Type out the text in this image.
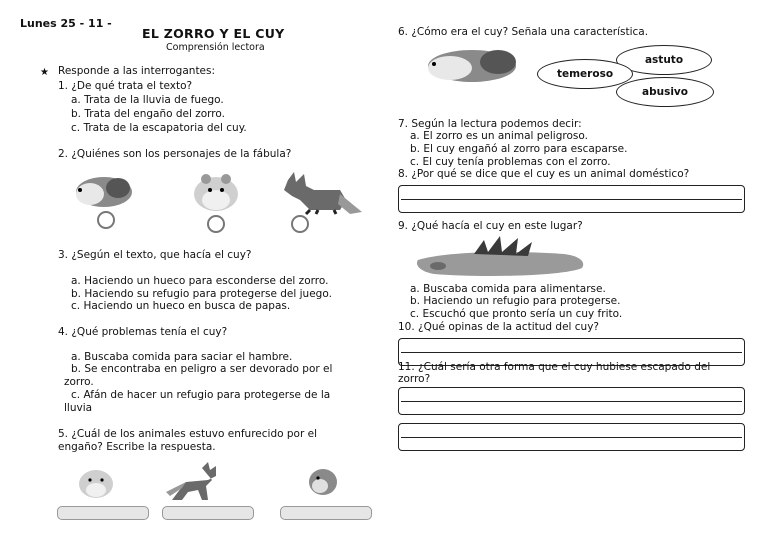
Lunes 25 - 11 -
EL ZORRO Y EL CUY
Comprensión lectora
★ Responde a las interrogantes:
1. ¿De qué trata el texto?
a. Trata de la lluvia de fuego.
b. Trata del engaño del zorro.
c. Trata de la escapatoria del cuy.
2. ¿Quiénes son los personajes de la fábula?
3. ¿Según el texto, que hacía el cuy?
a. Haciendo un hueco para esconderse del zorro.
b. Haciendo su refugio para protegerse del juego.
c. Haciendo un hueco en busca de papas.
4. ¿Qué problemas tenía el cuy?
a. Buscaba comida para saciar el hambre.
b. Se encontraba en peligro a ser devorado por el zorro.
c. Afán de hacer un refugio para protegerse de la lluvia
5. ¿Cuál de los animales estuvo enfurecido por el engaño? Escribe la respuesta.
6. ¿Cómo era el cuy? Señala una característica.
astuto
temeroso
abusivo
7. Según la lectura podemos decir:
a. El zorro es un animal peligroso.
b. El cuy engañó al zorro para escaparse.
c. El cuy tenía problemas con el zorro.
8. ¿Por qué se dice que el cuy es un animal doméstico?
9. ¿Qué hacía el cuy en este lugar?
a. Buscaba comida para alimentarse.
b. Haciendo un refugio para protegerse.
c. Escuchó que pronto sería un cuy frito.
10. ¿Qué opinas de la actitud del cuy?
11. ¿Cuál sería otra forma que el cuy hubiese escapado del zorro?
